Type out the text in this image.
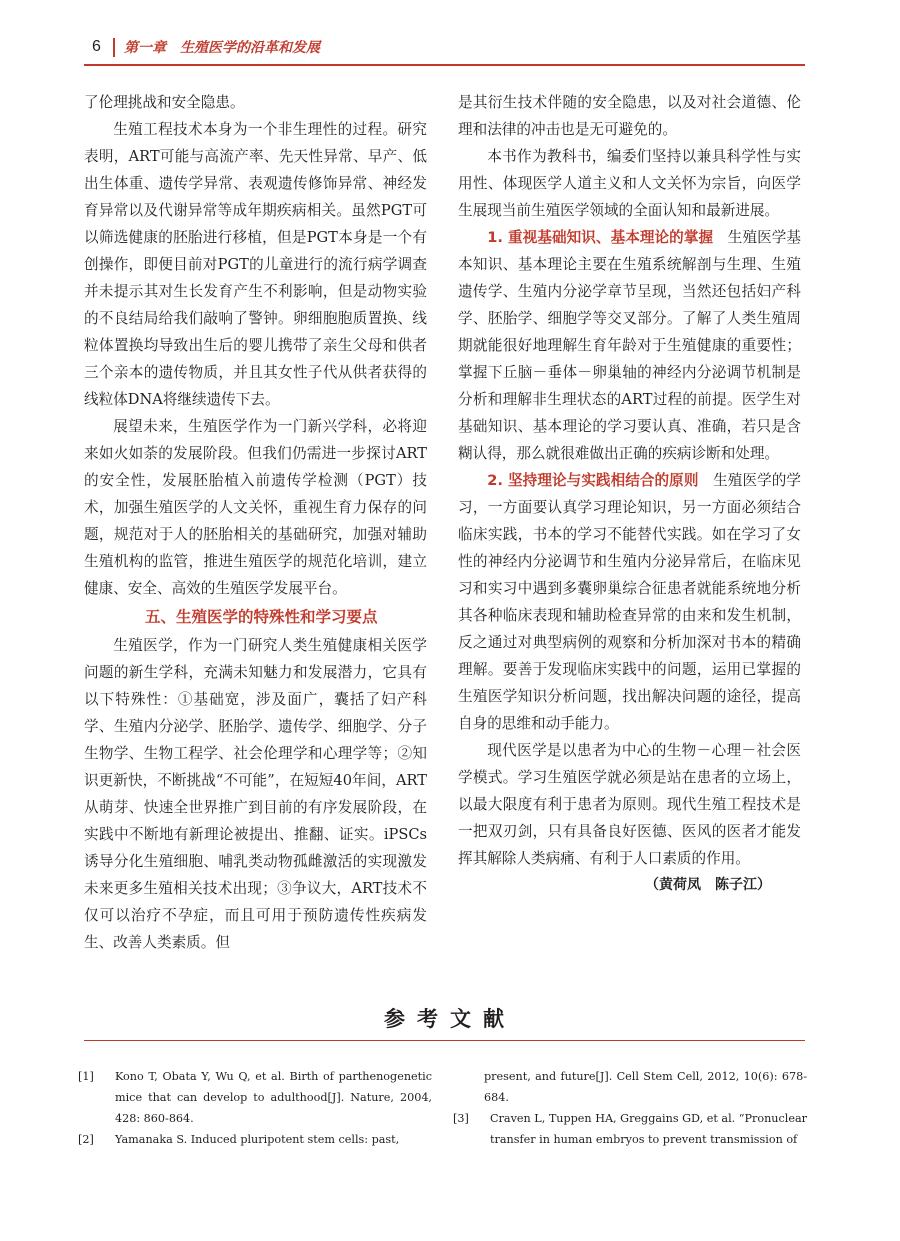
6 第一章　生殖医学的沿革和发展

了伦理挑战和安全隐患。

生殖工程技术本身为一个非生理性的过程。研究表明，ART可能与高流产率、先天性异常、早产、低出生体重、遗传学异常、表观遗传修饰异常、神经发育异常以及代谢异常等成年期疾病相关。虽然PGT可以筛选健康的胚胎进行移植，但是PGT本身是一个有创操作，即便目前对PGT的儿童进行的流行病学调查并未提示其对生长发育产生不利影响，但是动物实验的不良结局给我们敲响了警钟。卵细胞胞质置换、线粒体置换均导致出生后的婴儿携带了亲生父母和供者三个亲本的遗传物质，并且其女性子代从供者获得的线粒体DNA将继续遗传下去。

展望未来，生殖医学作为一门新兴学科，必将迎来如火如荼的发展阶段。但我们仍需进一步探讨ART的安全性，发展胚胎植入前遗传学检测（PGT）技术，加强生殖医学的人文关怀，重视生育力保存的问题，规范对于人的胚胎相关的基础研究，加强对辅助生殖机构的监管，推进生殖医学的规范化培训，建立健康、安全、高效的生殖医学发展平台。

五、生殖医学的特殊性和学习要点

生殖医学，作为一门研究人类生殖健康相关医学问题的新生学科，充满未知魅力和发展潜力，它具有以下特殊性：①基础宽，涉及面广，囊括了妇产科学、生殖内分泌学、胚胎学、遗传学、细胞学、分子生物学、生物工程学、社会伦理学和心理学等；②知识更新快，不断挑战“不可能”，在短短40年间，ART从萌芽、快速全世界推广到目前的有序发展阶段，在实践中不断地有新理论被提出、推翻、证实。iPSCs诱导分化生殖细胞、哺乳类动物孤雌激活的实现激发未来更多生殖相关技术出现；③争议大，ART技术不仅可以治疗不孕症，而且可用于预防遗传性疾病发生、改善人类素质。但

是其衍生技术伴随的安全隐患，以及对社会道德、伦理和法律的冲击也是无可避免的。

本书作为教科书，编委们坚持以兼具科学性与实用性、体现医学人道主义和人文关怀为宗旨，向医学生展现当前生殖医学领域的全面认知和最新进展。

1. 重视基础知识、基本理论的掌握　生殖医学基本知识、基本理论主要在生殖系统解剖与生理、生殖遗传学、生殖内分泌学章节呈现，当然还包括妇产科学、胚胎学、细胞学等交叉部分。了解了人类生殖周期就能很好地理解生育年龄对于生殖健康的重要性；掌握下丘脑－垂体－卵巢轴的神经内分泌调节机制是分析和理解非生理状态的ART过程的前提。医学生对基础知识、基本理论的学习要认真、准确，若只是含糊认得，那么就很难做出正确的疾病诊断和处理。

2. 坚持理论与实践相结合的原则　生殖医学的学习，一方面要认真学习理论知识，另一方面必须结合临床实践，书本的学习不能替代实践。如在学习了女性的神经内分泌调节和生殖内分泌异常后，在临床见习和实习中遇到多囊卵巢综合征患者就能系统地分析其各种临床表现和辅助检查异常的由来和发生机制，反之通过对典型病例的观察和分析加深对书本的精确理解。要善于发现临床实践中的问题，运用已掌握的生殖医学知识分析问题，找出解决问题的途径，提高自身的思维和动手能力。

现代医学是以患者为中心的生物－心理－社会医学模式。学习生殖医学就必须是站在患者的立场上，以最大限度有利于患者为原则。现代生殖工程技术是一把双刃剑，只有具备良好医德、医风的医者才能发挥其解除人类病痛、有利于人口素质的作用。

（黄荷凤　陈子江）

参考文献
[1] Kono T, Obata Y, Wu Q, et al. Birth of parthenogenetic mice that can develop to adulthood[J]. Nature, 2004, 428: 860-864.
[2] Yamanaka S. Induced pluripotent stem cells: past,
present, and future[J]. Cell Stem Cell, 2012, 10(6): 678-684.
[3] Craven L, Tuppen HA, Greggains GD, et al. “Pronuclear transfer in human embryos to prevent transmission of
